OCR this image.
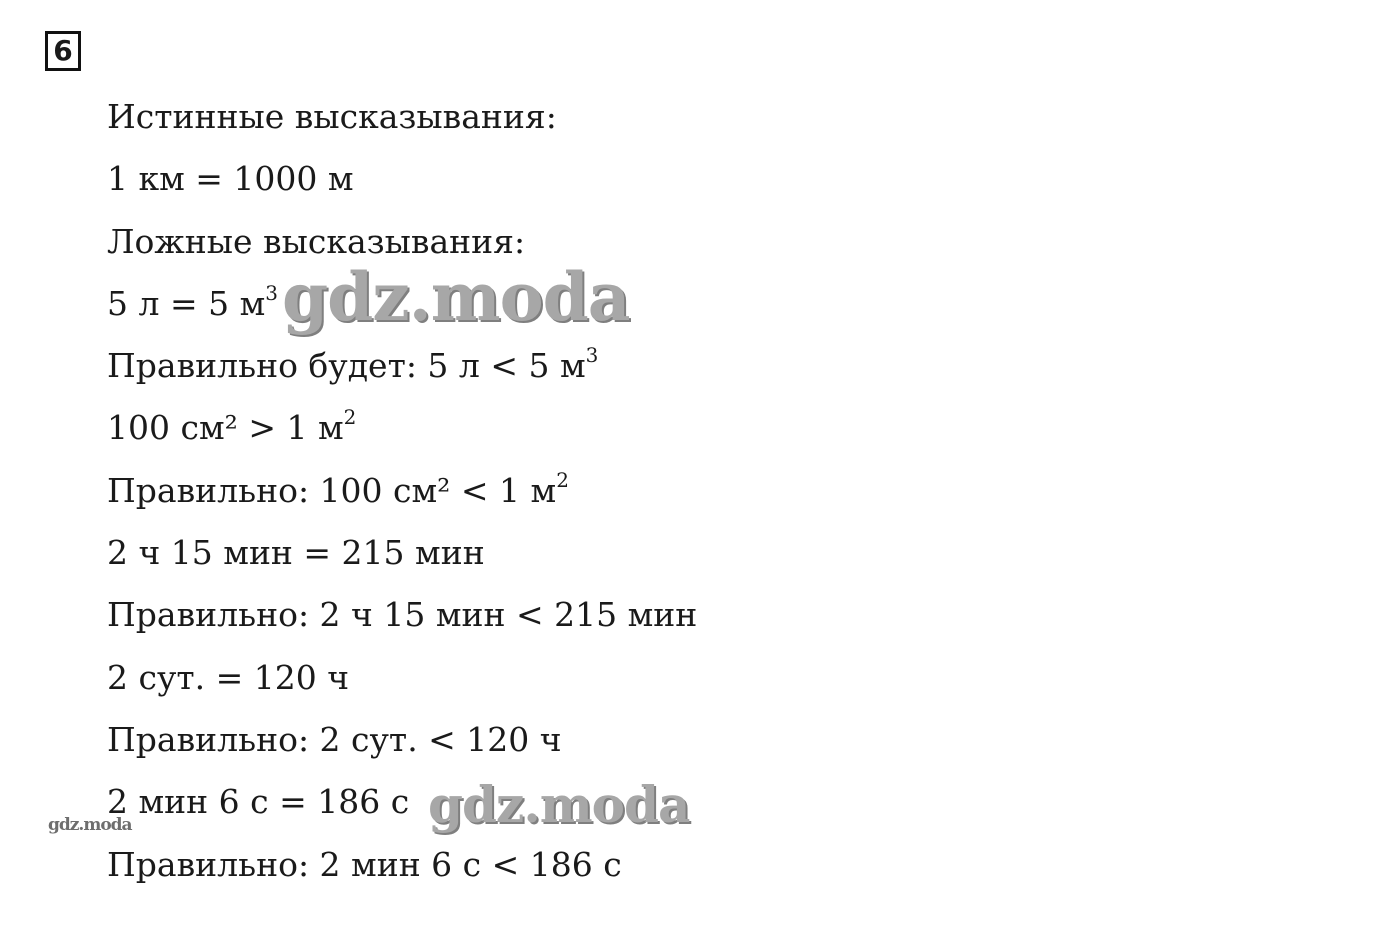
6
Истинные высказывания:
1 км = 1000 м
Ложные высказывания:
5 л = 5 $м^3$
Правильно будет: 5 л < 5 $м^3$
100 см² > 1 $м^2$
Правильно: 100 см² < 1 $м^2$
2 ч 15 мин = 215 мин
Правильно: 2 ч 15 мин < 215 мин
2 сут. = 120 ч
Правильно: 2 сут. < 120 ч
2 мин 6 с = 186 с
Правильно: 2 мин 6 с < 186 с
gdz.moda
gdz.moda
gdz.moda
